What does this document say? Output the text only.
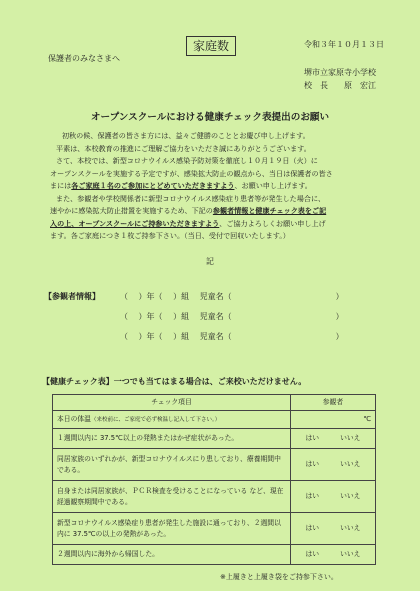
保護者のみなさまへ
家庭数	令和３年１０月１３日
堺市立家原寺小学校
校　長　　原　宏江
オープンスクールにおける健康チェック表提出のお願い

初秋の候、保護者の皆さま方には、益々ご健勝のこととお慶び申し上げます。

平素は、本校教育の推進にご理解ご協力をいただき誠にありがとうございます。

さて、本校では、新型コロナウイルス感染予防対策を徹底し１０月１９日（火）に

オープンスクールを実施する予定ですが、感染拡大防止の観点から、当日は保護者の皆さ

まには各ご家庭１名のご参加にとどめていただきますよう、お願い申し上げます。

また、参観者や学校関係者に新型コロナウイルス感染症り患者等が発生した場合に、

速やかに感染拡大防止措置を実施するため、下記の参観者情報と健康チェック表をご記

入の上、オープンスクールにご持参いただきますよう、ご協力よろしくお願い申し上げ

ます。各ご家庭につき１枚ご持参下さい。（当日、受付で回収いたします。）

記
【参観者情報】	（　 ）年（　 ）組　 児童名（　　　　　　　　　　　　　）
（　 ）年（　 ）組　 児童名（　　　　　　　　　　　　　）
（　 ）年（　 ）組　 児童名（　　　　　　　　　　　　　）
【健康チェック表】一つでも当てはまる場合は、ご来校いただけません。
チェック項目	参観者
本日の体温（来校前に、ご家庭で必ず検温し記入して下さい。）	℃
１週間以内に 37.5℃以上の発熱またはかぜ症状があった。	はい いいえ

同居家族のいずれかが、新型コロナウイルスにり患しており、療養期間中である。	はい いいえ

自身または同居家族が、ＰＣＲ検査を受けることになっている など、現在経過観察期間中である。	はい いいえ

新型コロナウイルス感染症り患者が発生した施設に通っており、２週間以内に 37.5℃の以上の発熱があった。	はい いいえ

２週間以内に海外から帰国した。	はい いいえ
※上履きと上履き袋をご持参下さい。
